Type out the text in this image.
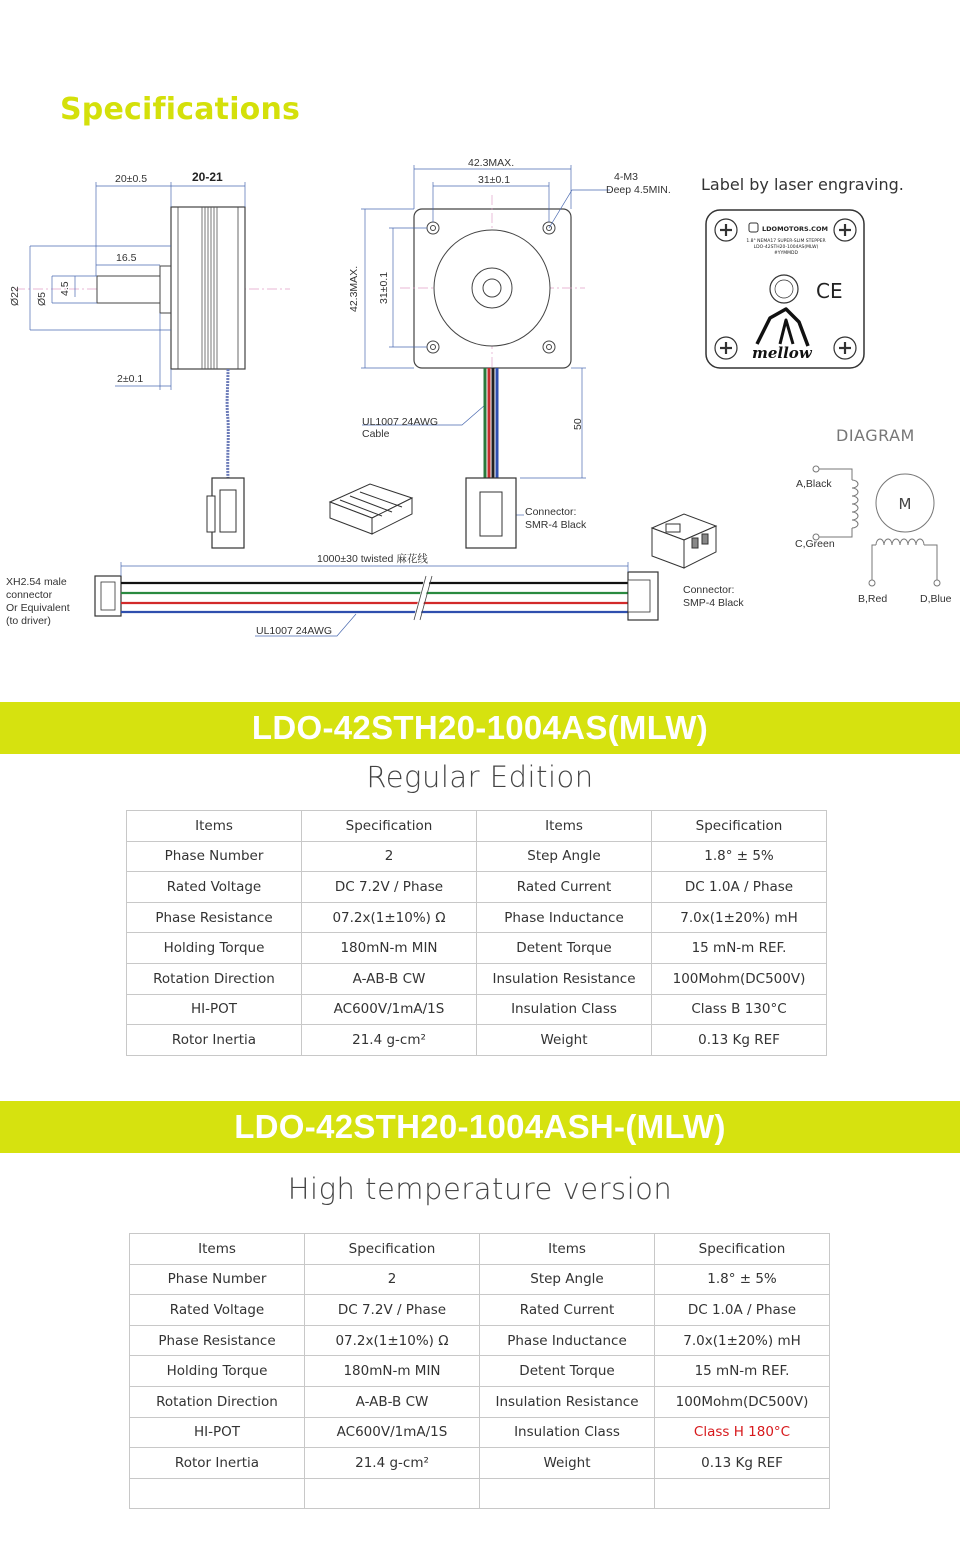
Specifications
20±0.5	20-21
16.5
Ø22 Ø5
4.5
2±0.1
42.3MAX.
31±0.1
42.3MAX. 31±0.1
4-M3
Deep 4.5MIN.
UL1007 24AWG
Cable
50
Connector:
SMR-4 Black
1000±30 twisted 麻花线
XH2.54 male
connector
Or Equivalent
(to driver)
UL1007 24AWG
Connector:
SMP-4 Black
LDOMOTORS.COM
1.8° NEMA17 SUPER-SLIM STEPPER
LDO-42STH20-1004AS(MLW)
#YYMMDD
CE
mellow
M
A,Black
C,Green
B,Red	D,Blue
Label by laser engraving.
DIAGRAM
LDO-42STH20-1004AS(MLW)
Regular Edition
Items	Specification	Items	Specification
Phase Number	2	Step Angle	1.8° ± 5%
Rated Voltage	DC 7.2V / Phase	Rated Current	DC 1.0A / Phase
Phase Resistance	07.2x(1±10%) Ω	Phase Inductance	7.0x(1±20%) mH
Holding Torque	180mN-m MIN	Detent Torque	15 mN-m REF.
Rotation Direction	A-AB-B CW	Insulation Resistance	100Mohm(DC500V)
HI-POT	AC600V/1mA/1S	Insulation Class	Class B 130°C
Rotor Inertia	21.4 g-cm²	Weight	0.13 Kg REF
LDO-42STH20-1004ASH-(MLW)
High temperature version
Items	Specification	Items	Specification
Phase Number	2	Step Angle	1.8° ± 5%
Rated Voltage	DC 7.2V / Phase	Rated Current	DC 1.0A / Phase
Phase Resistance	07.2x(1±10%) Ω	Phase Inductance	7.0x(1±20%) mH
Holding Torque	180mN-m MIN	Detent Torque	15 mN-m REF.
Rotation Direction	A-AB-B CW	Insulation Resistance	100Mohm(DC500V)
HI-POT	AC600V/1mA/1S	Insulation Class	Class H 180°C
Rotor Inertia	21.4 g-cm²	Weight	0.13 Kg REF
